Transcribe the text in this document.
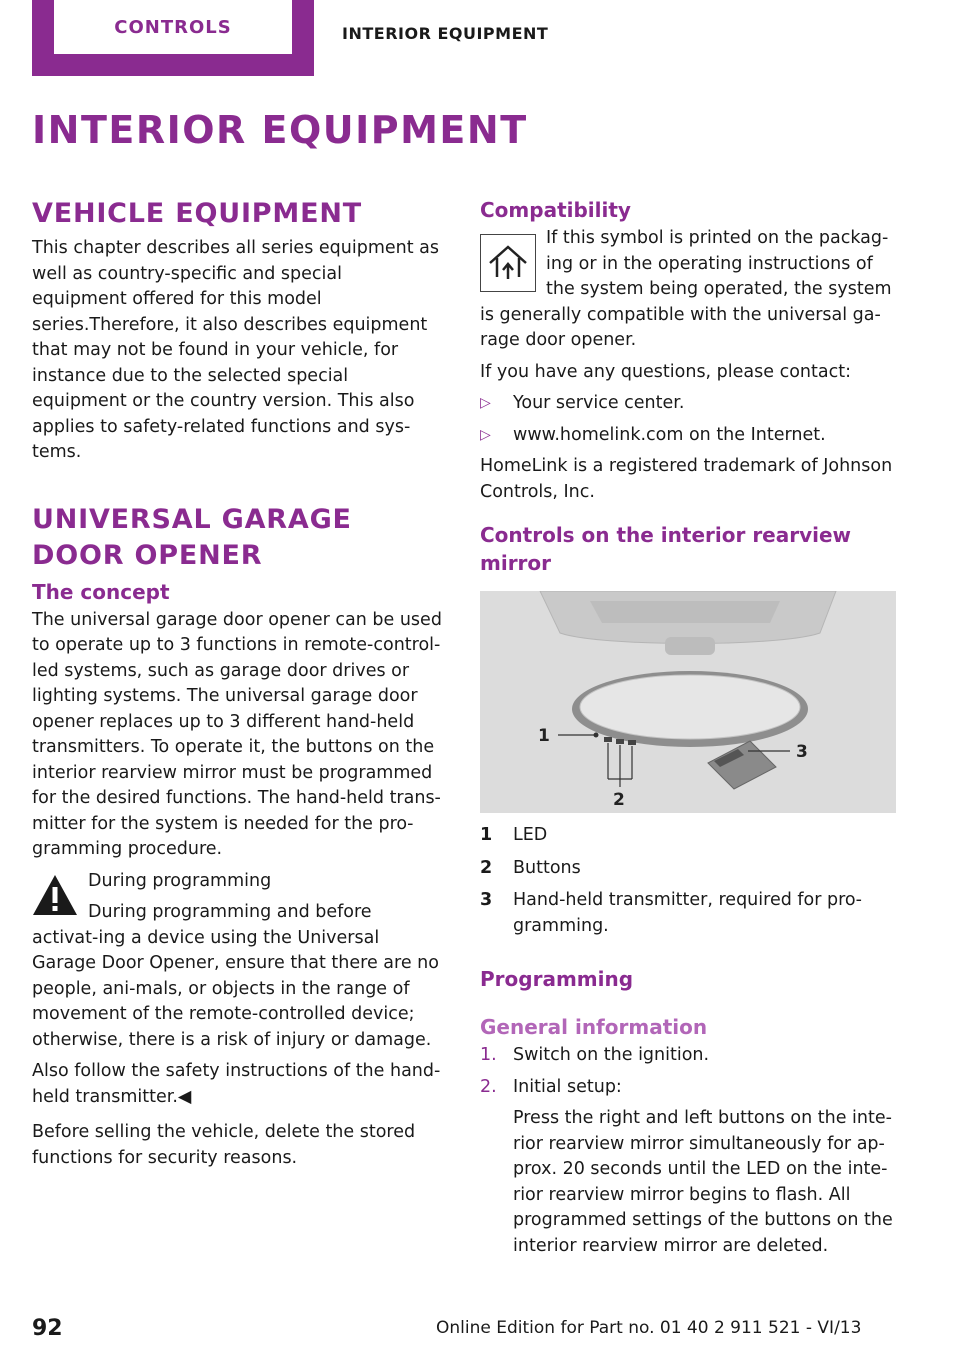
CONTROLS	INTERIOR EQUIPMENT
INTERIOR EQUIPMENT
VEHICLE EQUIPMENT

This chapter describes all series equipment as well as country-specific and special equipment offered for this model series.Therefore, it also describes equipment that may not be found in your vehicle, for instance due to the selected special equipment or the country version. This also applies to safety-related functions and sys‐tems.

UNIVERSAL GARAGE DOOR OPENER
The concept

The universal garage door opener can be used to operate up to 3 functions in remote-control‐led systems, such as garage door drives or lighting systems. The universal garage door opener replaces up to 3 different hand-held transmitters. To operate it, the buttons on the interior rearview mirror must be programmed for the desired functions. The hand-held trans‐mitter for the system is needed for the pro‐gramming procedure.

During programming

During programming and before activat‐ing a device using the Universal Garage Door Opener, ensure that there are no people, ani‐mals, or objects in the range of movement of the remote-controlled device; otherwise, there is a risk of injury or damage.

Also follow the safety instructions of the hand-held transmitter.◀

Before selling the vehicle, delete the stored functions for security reasons.

Compatibility

If this symbol is printed on the packag‐ing or in the operating instructions of the system being operated, the system is generally compatible with the universal ga‐rage door opener.

If you have any questions, please contact:

▷ Your service center.
▷ www.homelink.com on the Internet.

HomeLink is a registered trademark of Johnson Controls, Inc.

Controls on the interior rearview mirror
1
2
3
1	LED
2	Buttons
3	Hand-held transmitter, required for pro‐gramming.
Programming
General information
1. Switch on the ignition.
2. Initial setup:

Press the right and left buttons on the inte‐rior rearview mirror simultaneously for ap‐prox. 20 seconds until the LED on the inte‐rior rearview mirror begins to flash. All programmed settings of the buttons on the interior rearview mirror are deleted.

92	Online Edition for Part no. 01 40 2 911 521 - VI/13
